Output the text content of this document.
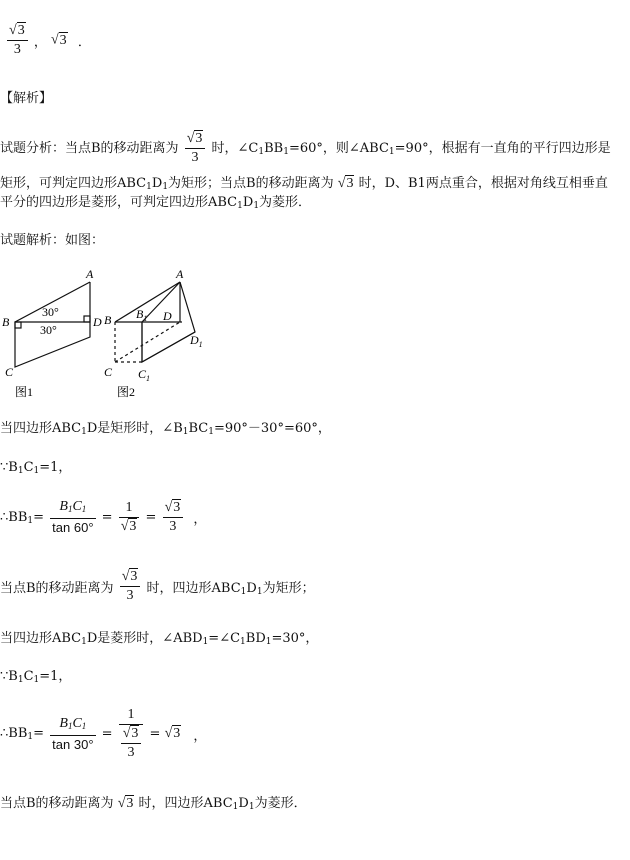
$\frac{√3}{3}$ ， √3 ．
【解析】
试题分析：当点B的移动距离为 $\frac{√3}{3}$ 时，$\angle C_1BB_1=60^\circ$，则$\angle ABC_1=90^\circ$，根据有一直角的平行四边形是
矩形，可判定四边形$ABC_1D_1$为矩形；当点B的移动距离为 √3 时，D、B1两点重合，根据对角线互相垂直
平分的四边形是菱形，可判定四边形$ABC_1D_1$为菱形．
试题解析：如图：
A
B
C
D
30°
30°
图1
A
B $B_1$ D
$D_1$
C $C_1$
图2
当四边形$ABC_1D$是矩形时，$\angle B_1BC_1=90^\circ-30^\circ=60^\circ$，
$\because B_1C_1=1$，
$\therefore BB_1= \frac{B_1C_1}{\tan 60^\circ} = \frac{1}{√3} = \frac{√3}{3}$ ，
当点B的移动距离为 $\frac{√3}{3}$ 时，四边形$ABC_1D_1$为矩形；
当四边形$ABC_1D$是菱形时，$\angle ABD_1=\angle C_1BD_1=30^\circ$，
$\because B_1C_1=1$，
$\therefore BB_1= \frac{B_1C_1}{\tan 30^\circ} = \frac{1}{\frac{√3}{3}} = √3$ ，
当点B的移动距离为 √3 时，四边形$ABC_1D_1$为菱形．
